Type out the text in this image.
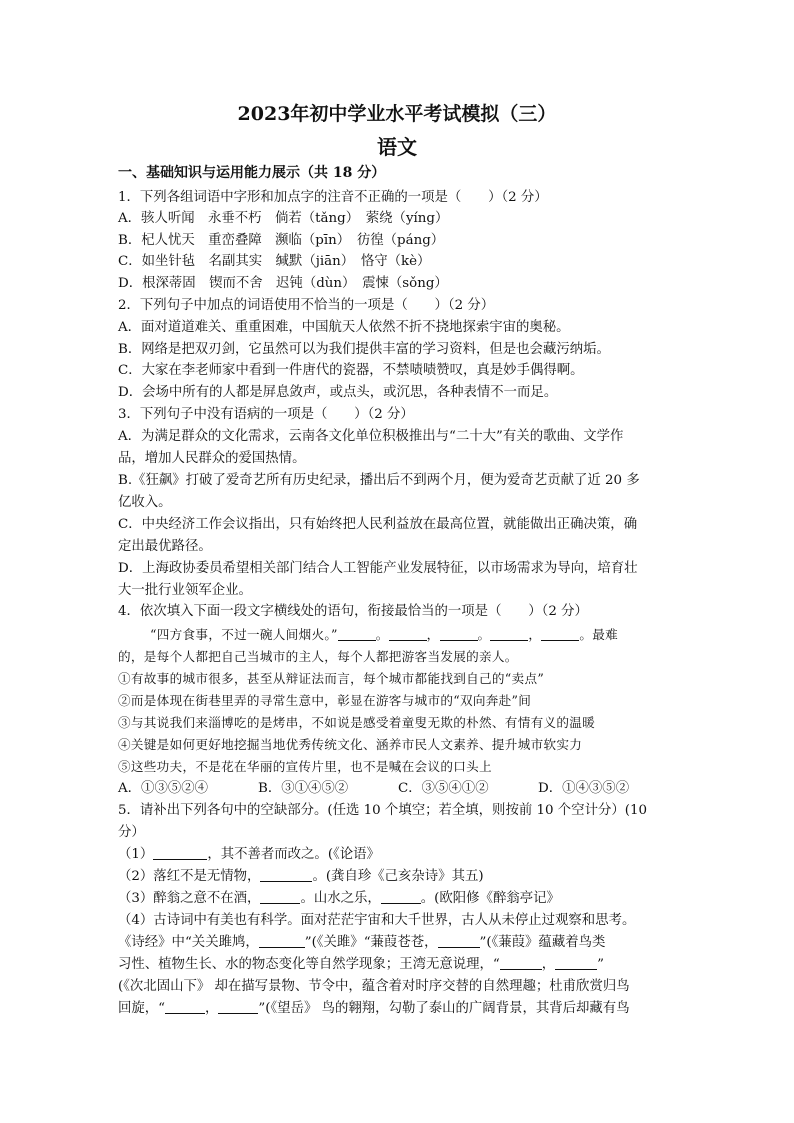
2023年初中学业水平考试模拟（三）
语文
一、基础知识与运用能力展示（共 18 分）
1．下列各组词语中字形和加点字的注音不正确的一项是（　　）（2 分）
A．骇人听闻　永垂不朽　倘若（tǎng）　萦绕（yíng）
B．杞人忧天　重峦叠障　濒临（pīn）　彷徨（páng）
C．如坐针毡　名副其实　缄默（jiān）　恪守（kè）
D．根深蒂固　锲而不舍　迟钝（dùn）　震悚（sǒng）
2．下列句子中加点的词语使用不恰当的一项是（　　）（2 分）
A．面对道道难关、重重困难，中国航天人依然不折不挠地探索宇宙的奥秘。
B．网络是把双刃剑，它虽然可以为我们提供丰富的学习资料，但是也会藏污纳垢。
C．大家在李老师家中看到一件唐代的瓷器，不禁啧啧赞叹，真是妙手偶得啊。
D．会场中所有的人都是屏息敛声，或点头，或沉思，各种表情不一而足。
3．下列句子中没有语病的一项是（　　）（2 分）
A．为满足群众的文化需求，云南各文化单位积极推出与“二十大”有关的歌曲、文学作
品，增加人民群众的爱国热情。
B.《狂飙》打破了爱奇艺所有历史纪录，播出后不到两个月，便为爱奇艺贡献了近 20 多
亿收入。
C．中央经济工作会议指出，只有始终把人民利益放在最高位置，就能做出正确决策，确
定出最优路径。
D．上海政协委员希望相关部门结合人工智能产业发展特征，以市场需求为导向，培育壮
大一批行业领军企业。
4．依次填入下面一段文字横线处的语句，衔接最恰当的一项是（　　）（2 分）
“四方食事，不过一碗人间烟火。”	。	，	。	，	。最难
的，是每个人都把自己当城市的主人，每个人都把游客当发展的亲人。
①有故事的城市很多，甚至从辩证法而言，每个城市都能找到自己的“卖点”
②而是体现在街巷里弄的寻常生意中，彰显在游客与城市的“双向奔赴”间
③与其说我们来淄博吃的是烤串，不如说是感受着童叟无欺的朴然、有情有义的温暖
④关键是如何更好地挖掘当地优秀传统文化、涵养市民人文素养、提升城市软实力
⑤这些功夫，不是花在华丽的宣传片里，也不是喊在会议的口头上
A．①③⑤②④	B．③①④⑤②	C．③⑤④①②	D．①④③⑤②
5．请补出下列各句中的空缺部分。(任选 10 个填空；若全填，则按前 10 个空计分）(10
分）
（1）	，其不善者而改之。(《论语》
（2）落红不是无情物，	。(龚自珍《己亥杂诗》其五)
（3）醉翁之意不在酒，	。山水之乐，	。(欧阳修《醉翁亭记》
（4）古诗词中有美也有科学。面对茫茫宇宙和大千世界，古人从未停止过观察和思考。
《诗经》中“关关雎鸠，	”(《关雎》“蒹葭苍苍，	”(《蒹葭》蕴藏着鸟类
习性、植物生长、水的物态变化等自然学现象；王湾无意说理，“	，	”
(《次北固山下》 却在描写景物、节令中，蕴含着对时序交替的自然理趣；杜甫欣赏归鸟
回旋，“	，	”(《望岳》 鸟的翱翔，勾勒了泰山的广阔背景，其背后却藏有鸟
